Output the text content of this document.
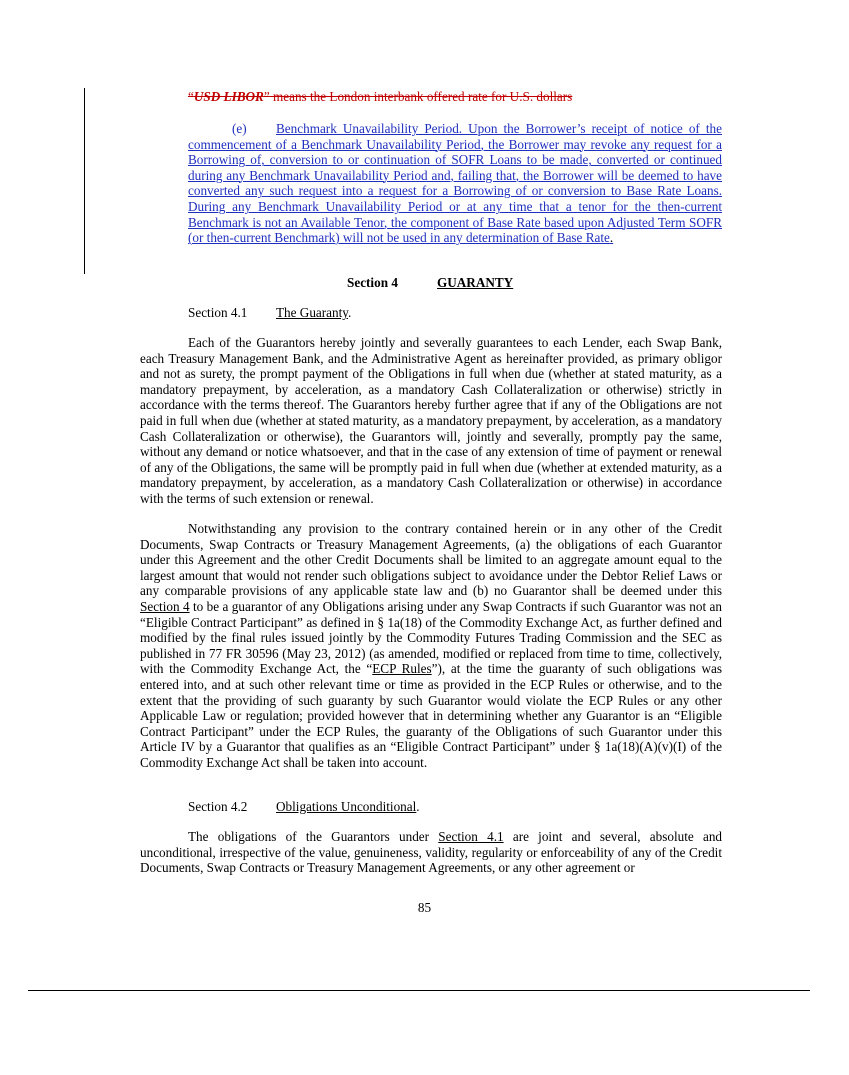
“USD LIBOR” means the London interbank offered rate for U.S. dollars
(e) Benchmark Unavailability Period. Upon the Borrower’s receipt of notice of the commencement of a Benchmark Unavailability Period, the Borrower may revoke any request for a Borrowing of, conversion to or continuation of SOFR Loans to be made, converted or continued during any Benchmark Unavailability Period and, failing that, the Borrower will be deemed to have converted any such request into a request for a Borrowing of or conversion to Base Rate Loans. During any Benchmark Unavailability Period or at any time that a tenor for the then-current Benchmark is not an Available Tenor, the component of Base Rate based upon Adjusted Term SOFR (or then-current Benchmark) will not be used in any determination of Base Rate.
Section 4	GUARANTY
Section 4.1 The Guaranty.
Each of the Guarantors hereby jointly and severally guarantees to each Lender, each Swap Bank, each Treasury Management Bank, and the Administrative Agent as hereinafter provided, as primary obligor and not as surety, the prompt payment of the Obligations in full when due (whether at stated maturity, as a mandatory prepayment, by acceleration, as a mandatory Cash Collateralization or otherwise) strictly in accordance with the terms thereof. The Guarantors hereby further agree that if any of the Obligations are not paid in full when due (whether at stated maturity, as a mandatory prepayment, by acceleration, as a mandatory Cash Collateralization or otherwise), the Guarantors will, jointly and severally, promptly pay the same, without any demand or notice whatsoever, and that in the case of any extension of time of payment or renewal of any of the Obligations, the same will be promptly paid in full when due (whether at extended maturity, as a mandatory prepayment, by acceleration, as a mandatory Cash Collateralization or otherwise) in accordance with the terms of such extension or renewal.
Notwithstanding any provision to the contrary contained herein or in any other of the Credit Documents, Swap Contracts or Treasury Management Agreements, (a) the obligations of each Guarantor under this Agreement and the other Credit Documents shall be limited to an aggregate amount equal to the largest amount that would not render such obligations subject to avoidance under the Debtor Relief Laws or any comparable provisions of any applicable state law and (b) no Guarantor shall be deemed under this Section 4 to be a guarantor of any Obligations arising under any Swap Contracts if such Guarantor was not an “Eligible Contract Participant” as defined in § 1a(18) of the Commodity Exchange Act, as further defined and modified by the final rules issued jointly by the Commodity Futures Trading Commission and the SEC as published in 77 FR 30596 (May 23, 2012) (as amended, modified or replaced from time to time, collectively, with the Commodity Exchange Act, the “ECP Rules”), at the time the guaranty of such obligations was entered into, and at such other relevant time or time as provided in the ECP Rules or otherwise, and to the extent that the providing of such guaranty by such Guarantor would violate the ECP Rules or any other Applicable Law or regulation; provided however that in determining whether any Guarantor is an “Eligible Contract Participant” under the ECP Rules, the guaranty of the Obligations of such Guarantor under this Article IV by a Guarantor that qualifies as an “Eligible Contract Participant” under § 1a(18)(A)(v)(I) of the Commodity Exchange Act shall be taken into account.
Section 4.2 Obligations Unconditional.
The obligations of the Guarantors under Section 4.1 are joint and several, absolute and unconditional, irrespective of the value, genuineness, validity, regularity or enforceability of any of the Credit Documents, Swap Contracts or Treasury Management Agreements, or any other agreement or
85
